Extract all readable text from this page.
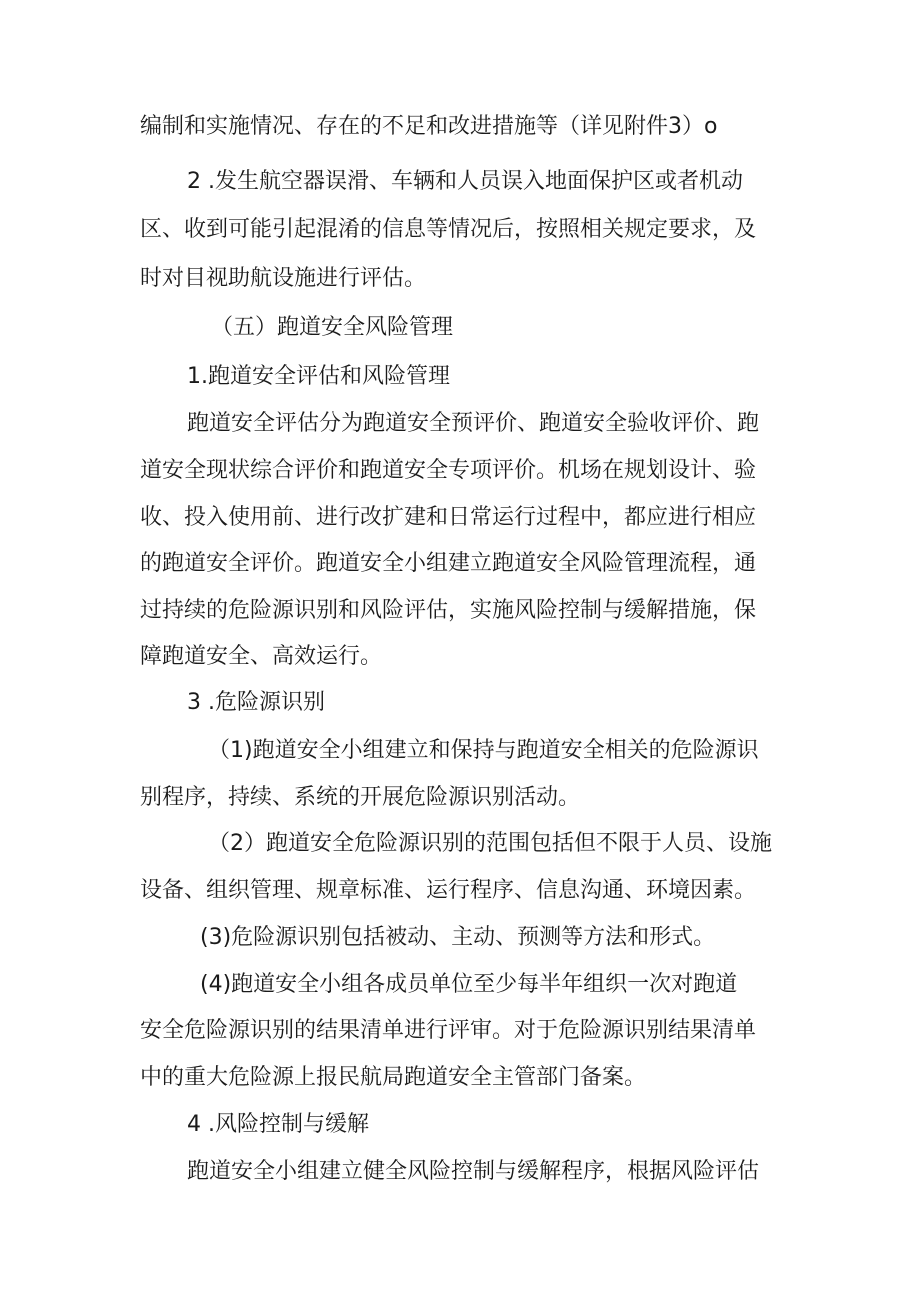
编制和实施情况、存在的不足和改进措施等（详见附件3）o
2 .发生航空器误滑、车辆和人员误入地面保护区或者机动
区、收到可能引起混淆的信息等情况后，按照相关规定要求，及
时对目视助航设施进行评估。
（五）跑道安全风险管理
1.跑道安全评估和风险管理
跑道安全评估分为跑道安全预评价、跑道安全验收评价、跑
道安全现状综合评价和跑道安全专项评价。机场在规划设计、验
收、投入使用前、进行改扩建和日常运行过程中，都应进行相应
的跑道安全评价。跑道安全小组建立跑道安全风险管理流程，通
过持续的危险源识别和风险评估，实施风险控制与缓解措施，保
障跑道安全、高效运行。
3 .危险源识别
（1)跑道安全小组建立和保持与跑道安全相关的危险源识
别程序，持续、系统的开展危险源识别活动。
（2）跑道安全危险源识别的范围包括但不限于人员、设施
设备、组织管理、规章标准、运行程序、信息沟通、环境因素。
(3)危险源识别包括被动、主动、预测等方法和形式。
(4)跑道安全小组各成员单位至少每半年组织一次对跑道
安全危险源识别的结果清单进行评审。对于危险源识别结果清单
中的重大危险源上报民航局跑道安全主管部门备案。
4 .风险控制与缓解
跑道安全小组建立健全风险控制与缓解程序，根据风险评估
